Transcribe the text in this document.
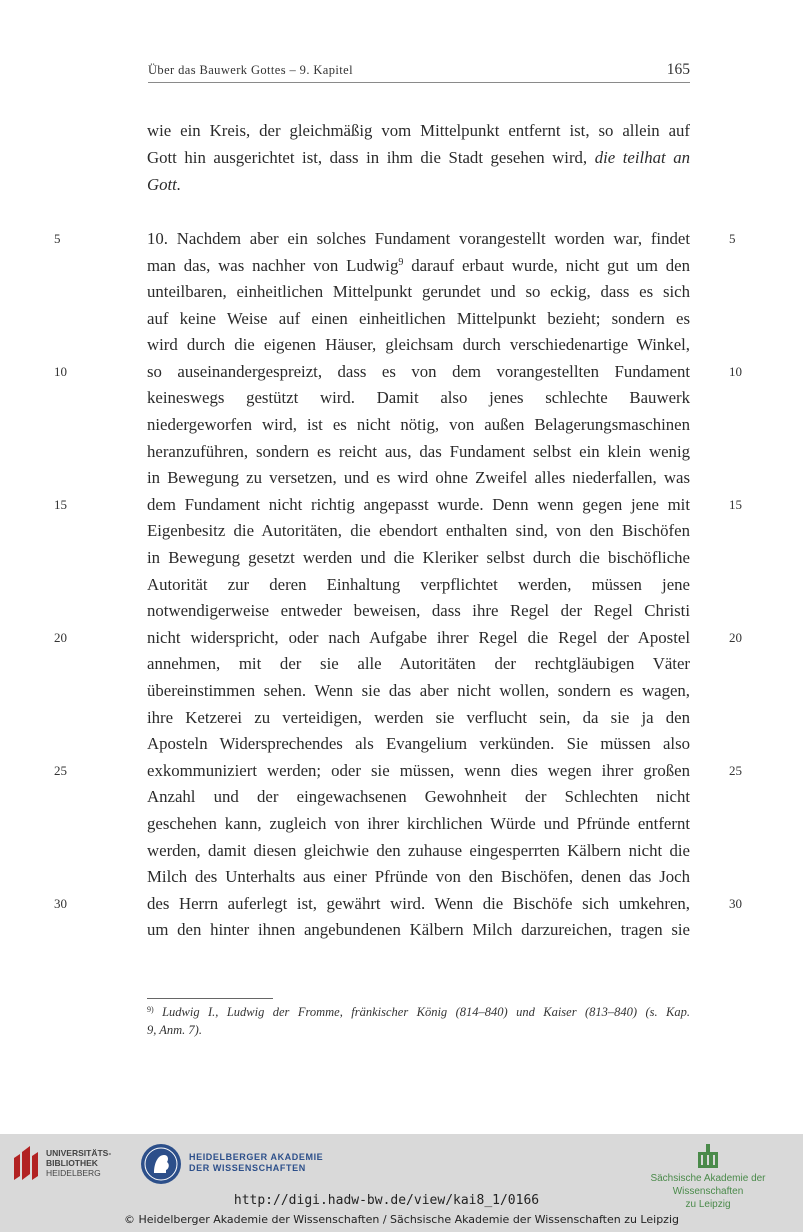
Über das Bauwerk Gottes – 9. Kapitel	165
wie ein Kreis, der gleichmäßig vom Mittelpunkt entfernt ist, so allein auf
Gott hin ausgerichtet ist, dass in ihm die Stadt gesehen wird, die teilhat an
Gott.
10. Nachdem aber ein solches Fundament vorangestellt worden war, findet
man das, was nachher von Ludwig$^9$ darauf erbaut wurde, nicht gut um den
unteilbaren, einheitlichen Mittelpunkt gerundet und so eckig, dass es sich
auf keine Weise auf einen einheitlichen Mittelpunkt bezieht; sondern es
wird durch die eigenen Häuser, gleichsam durch verschiedenartige Winkel,
so auseinandergespreizt, dass es von dem vorangestellten Fundament
keineswegs gestützt wird. Damit also jenes schlechte Bauwerk
niedergeworfen wird, ist es nicht nötig, von außen Belagerungsmaschinen
heranzuführen, sondern es reicht aus, das Fundament selbst ein klein wenig
in Bewegung zu versetzen, und es wird ohne Zweifel alles niederfallen, was
dem Fundament nicht richtig angepasst wurde. Denn wenn gegen jene mit
Eigenbesitz die Autoritäten, die ebendort enthalten sind, von den Bischöfen
in Bewegung gesetzt werden und die Kleriker selbst durch die bischöfliche
Autorität zur deren Einhaltung verpflichtet werden, müssen jene
notwendigerweise entweder beweisen, dass ihre Regel der Regel Christi
nicht widerspricht, oder nach Aufgabe ihrer Regel die Regel der Apostel
annehmen, mit der sie alle Autoritäten der rechtgläubigen Väter
übereinstimmen sehen. Wenn sie das aber nicht wollen, sondern es wagen,
ihre Ketzerei zu verteidigen, werden sie verflucht sein, da sie ja den
Aposteln Widersprechendes als Evangelium verkünden. Sie müssen also
exkommuniziert werden; oder sie müssen, wenn dies wegen ihrer großen
Anzahl und der eingewachsenen Gewohnheit der Schlechten nicht
geschehen kann, zugleich von ihrer kirchlichen Würde und Pfründe entfernt
werden, damit diesen gleichwie den zuhause eingesperrten Kälbern nicht die
Milch des Unterhalts aus einer Pfründe von den Bischöfen, denen das Joch
des Herrn auferlegt ist, gewährt wird. Wenn die Bischöfe sich umkehren,
um den hinter ihnen angebundenen Kälbern Milch darzureichen, tragen sie
5	5
10	10
15	15
20	20
25	25
30	30
$^{9)}$ Ludwig I., Ludwig der Fromme, fränkischer König (814–840) und Kaiser (813–840) (s. Kap.
9, Anm. 7).
UNIVERSITÄTS-
BIBLIOTHEK
HEIDELBERG
HEIDELBERGER AKADEMIE
DER WISSENSCHAFTEN
Sächsische Akademie der Wissenschaften
zu Leipzig
http://digi.hadw-bw.de/view/kai8_1/0166
© Heidelberger Akademie der Wissenschaften / Sächsische Akademie der Wissenschaften zu Leipzig
